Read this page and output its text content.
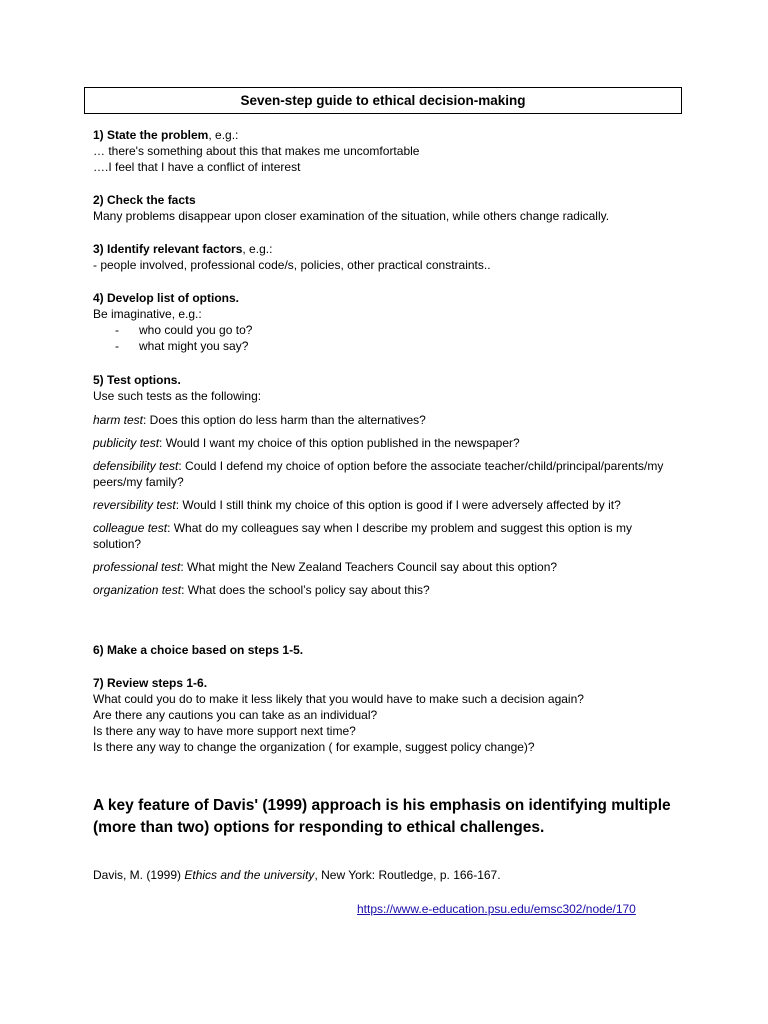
Seven-step guide to ethical decision-making
1) State the problem, e.g.:
… there's something about this that makes me uncomfortable
….I feel that I have a conflict of interest
2) Check the facts
Many problems disappear upon closer examination of the situation, while others change radically.
3) Identify relevant factors, e.g.:
- people involved, professional code/s, policies, other practical constraints..
4) Develop list of options.
Be imaginative, e.g.:
- who could you go to?
- what might you say?
5) Test options.
Use such tests as the following:
harm test: Does this option do less harm than the alternatives?
publicity test: Would I want my choice of this option published in the newspaper?
defensibility test: Could I defend my choice of option before the associate teacher/child/principal/parents/my peers/my family?
reversibility test: Would I still think my choice of this option is good if I were adversely affected by it?
colleague test: What do my colleagues say when I describe my problem and suggest this option is my solution?
professional test: What might the New Zealand Teachers Council say about this option?
organization test: What does the school’s policy say about this?
6) Make a choice based on steps 1-5.
7) Review steps 1-6.
What could you do to make it less likely that you would have to make such a decision again?
Are there any cautions you can take as an individual?
Is there any way to have more support next time?
Is there any way to change the organization ( for example, suggest policy change)?
A key feature of Davis' (1999) approach is his emphasis on identifying multiple (more than two) options for responding to ethical challenges.
Davis, M. (1999) Ethics and the university, New York: Routledge, p. 166-167.
https://www.e-education.psu.edu/emsc302/node/170
